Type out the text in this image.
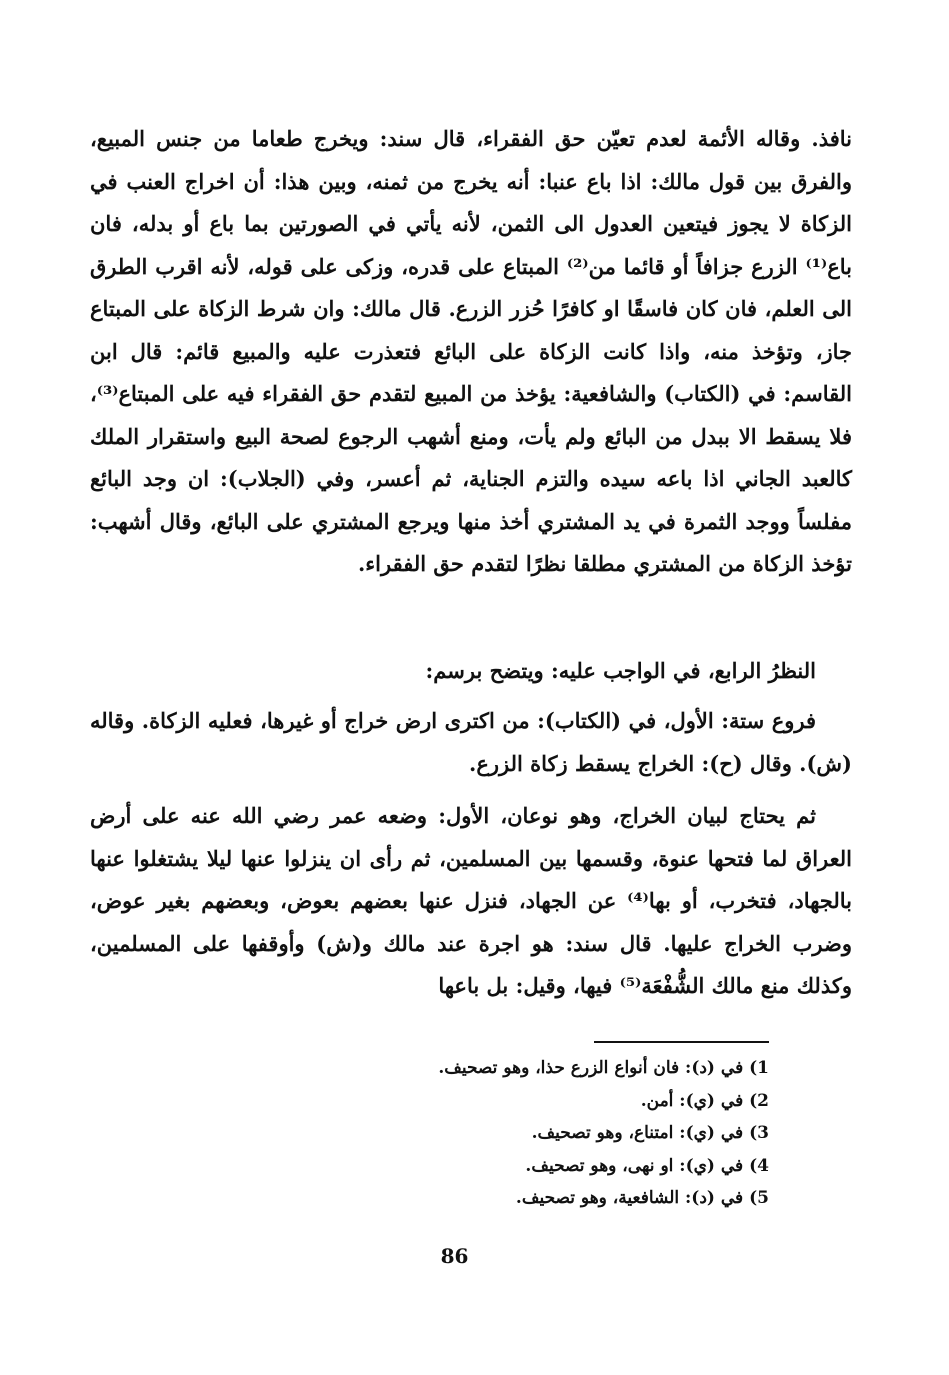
نافذ. وقاله الأئمة لعدم تعيّن حق الفقراء، قال سند: ويخرج طعاما من جنس المبيع، والفرق بين قول مالك: اذا باع عنبا: أنه يخرج من ثمنه، وبين هذا: أن اخراج العنب في الزكاة لا يجوز فيتعين العدول الى الثمن، لأنه يأتي في الصورتين بما باع أو بدله، فان باع⁽¹⁾ الزرع جزافاً أو قائما من⁽²⁾ المبتاع على قدره، وزكى على قوله، لأنه اقرب الطرق الى العلم، فان كان فاسقًا او كافرًا حُزر الزرع. قال مالك: وان شرط الزكاة على المبتاع جاز، وتؤخذ منه، واذا كانت الزكاة على البائع فتعذرت عليه والمبيع قائم: قال ابن القاسم: في (الكتاب) والشافعية: يؤخذ من المبيع لتقدم حق الفقراء فيه على المبتاع⁽³⁾، فلا يسقط الا ببدل من البائع ولم يأت، ومنع أشهب الرجوع لصحة البيع واستقرار الملك كالعبد الجاني اذا باعه سيده والتزم الجناية، ثم أعسر، وفي (الجلاب): ان وجد البائع مفلساً ووجد الثمرة في يد المشتري أخذ منها ويرجع المشتري على البائع، وقال أشهب: تؤخذ الزكاة من المشتري مطلقا نظرًا لتقدم حق الفقراء.

النظرُ الرابع، في الواجب عليه: ويتضح برسم:

فروع ستة: الأول، في (الكتاب): من اكترى ارض خراج أو غيرها، فعليه الزكاة. وقاله (ش). وقال (ح): الخراج يسقط زكاة الزرع.

ثم يحتاج لبيان الخراج، وهو نوعان، الأول: وضعه عمر رضي الله عنه على أرض العراق لما فتحها عنوة، وقسمها بين المسلمين، ثم رأى ان ينزلوا عنها ليلا يشتغلوا عنها بالجهاد، فتخرب، أو بها⁽⁴⁾ عن الجهاد، فنزل عنها بعضهم بعوض، وبعضهم بغير عوض، وضرب الخراج عليها. قال سند: هو اجرة عند مالك و(ش) وأوقفها على المسلمين، وكذلك منع مالك الشُّفْعَة⁽⁵⁾ فيها، وقيل: بل باعها

1) في (د): فان أنواع الزرع حذا، وهو تصحيف.
2) في (ي): أمن.
3) في (ي): امتناع، وهو تصحيف.
4) في (ي): او نهى، وهو تصحيف.
5) في (د): الشافعية، وهو تصحيف.
86
